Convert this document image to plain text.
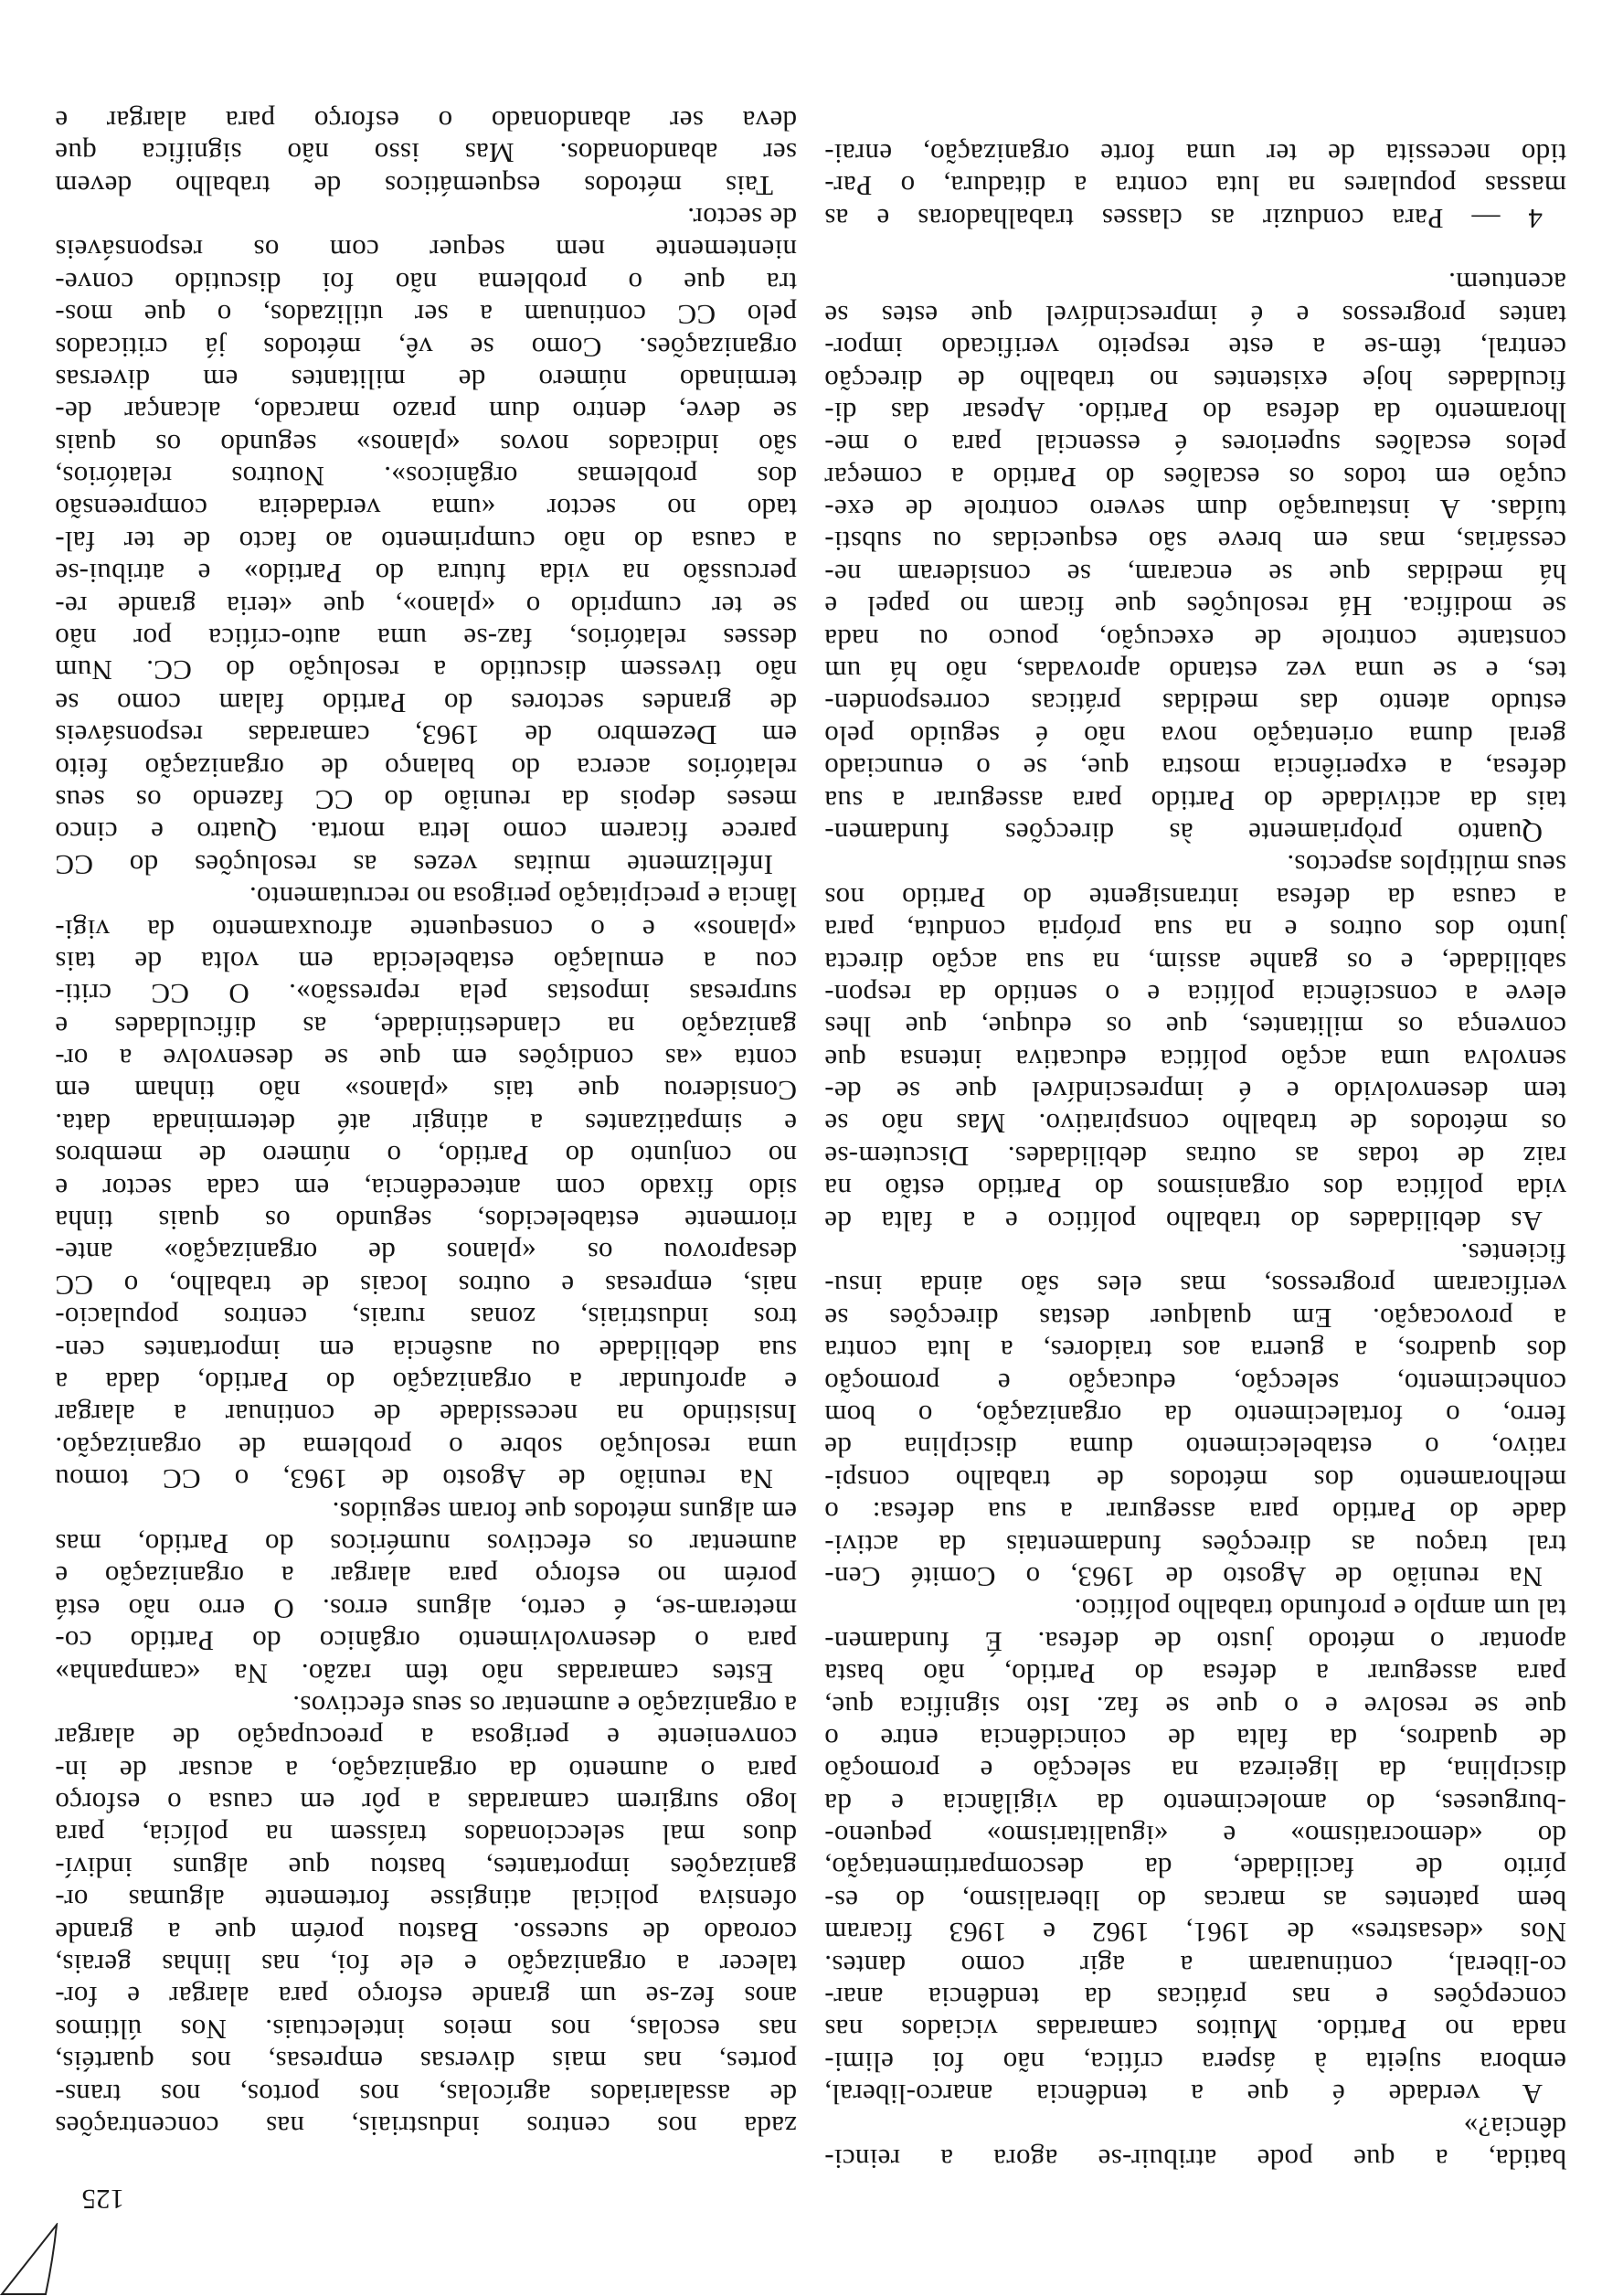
125
batida, a que pode atribuir-se agora a reinci-
dência?»
A verdade é que a tendência anarco-liberal,
embora sujeita à áspera crítica, não foi elimi-
nada no Partido. Muitos camaradas viciados nas
concepções e nas práticas da tendência anar-
co-liberal, continuaram a agir como dantes.
Nos «desastres» de 1961, 1962 e 1963 ficaram
bem patentes as marcas do liberalismo, do es-
pírito de facilidade, da descompartimentação,
do «democratismo» e «igualitarismo» pequeno-
-burgueses, do amolecimento da vigilância e da
disciplina, da ligeireza na selecção e promoção
de quadros, da falta de coincidência entre o
que se resolve e o que se faz. Isto significa que,
para assegurar a defesa do Partido, não basta
apontar o método justo de defesa. É fundamen-
tal um amplo e profundo trabalho político.
Na reunião de Agosto de 1963, o Comité Cen-
tral traçou as direcções fundamentais da activi-
dade do Partido para assegurar a sua defesa: o
melhoramento dos métodos de trabalho conspi-
rativo, o estabelecimento duma disciplina de
ferro, o fortalecimento da organização, o bom
conhecimento, selecção, educação e promoção
dos quadros, a guerra aos traidores, a luta contra
a provocação. Em qualquer destas direcções se
verificaram progressos, mas eles são ainda insu-
ficientes.
As debilidades do trabalho político e a falta de
vida política dos organismos do Partido estão na
raiz de todas as outras debilidades. Discutem-se
os métodos de trabalho conspirativo. Mas não se
tem desenvolvido e é imprescindível que se de-
senvolva uma acção política educativa intensa que
convença os militantes, que os eduque, que lhes
eleve a consciência política e o sentido da respon-
sabilidade, e os ganhe assim, na sua acção directa
junto dos outros e na sua própria conduta, para
a causa da defesa intransigente do Partido nos
seus múltiplos aspectos.
Quanto pròpriamente às direcções fundamen-
tais da actividade do Partido para assegurar a sua
defesa, a experiência mostra que, se o enunciado
geral duma orientação nova não é seguido pelo
estudo atento das medidas práticas corresponden-
tes, e se uma vez estando aprovadas, não há um
constante controle de execução, pouco ou nada
se modifica. Há resoluções que ficam no papel e
há medidas que se encaram, se consideram ne-
cessárias, mas em breve são esquecidas ou substi-
tuídas. A instauração dum severo controle de exe-
cução em todos os escalões do Partido a começar
pelos escalões superiores é essencial para o me-
lhoramento da defesa do Partido. Apesar das di-
ficuldades hoje existentes no trabalho de direcção
central, têm-se a este respeito verificado impor-
tantes progressos e é imprescindível que estes se
acentuem.
4 — Para conduzir as classes trabalhadoras e as
massas populares na luta contra a ditadura, o Par-
tido necessita de ter uma forte organização, enrai-
zada nos centros industriais, nas concentrações
de assalariados agrícolas, nos portos, nos trans-
portes, nas mais diversas empresas, nos quartéis,
nas escolas, nos meios intelectuais. Nos últimos
anos fez-se um grande esforço para alargar e for-
talecer a organização e ele foi, nas linhas gerais,
coroado de sucesso. Bastou porém que a grande
ofensiva policial atingisse fortemente algumas or-
ganizações importantes, bastou que alguns indiví-
duos mal seleccionados traíssem na polícia, para
logo surgirem camaradas a pôr em causa o esforço
para o aumento da organização, a acusar de in-
conveniente e perigosa a preocupação de alargar
a organização e aumentar os seus efectivos.
Estes camaradas não têm razão. Na «campanha»
para o desenvolvimento orgânico do Partido co-
meteram-se, é certo, alguns erros. O erro não está
porém no esforço para alargar a organização e
aumentar os efectivos numéricos do Partido, mas
em alguns métodos que foram seguidos.
Na reunião de Agosto de 1963, o CC tomou
uma resolução sobre o problema de organização.
Insistindo na necessidade de continuar a alargar
e aprofundar a organização do Partido, dada a
sua debilidade ou ausência em importantes cen-
tros industriais, zonas rurais, centros populacio-
nais, empresas e outros locais de trabalho, o CC
desaprovou os «planos de organização» ante-
riormente estabelecidos, segundo os quais tinha
sido fixado com antecedência, em cada sector e
no conjunto do Partido, o número de membros
e simpatizantes a atingir até determinada data.
Considerou que tais «planos» não tinham em
conta «as condições em que se desenvolve a or-
ganização na clandestinidade, as dificuldades e
surpresas impostas pela repressão». O CC criti-
cou a emulação estabelecida em volta de tais
«planos» e o consequente afrouxamento da vigi-
lância e precipitação perigosa no recrutamento.
Infelizmente muitas vezes as resoluções do CC
parece ficarem como letra morta. Quatro e cinco
meses depois da reunião do CC fazendo os seus
relatórios acerca do balanço de organização feito
em Dezembro de 1963, camaradas responsáveis
de grandes sectores do Partido falam como se
não tivessem discutido a resolução do CC. Num
desses relatórios, faz-se uma auto-crítica por não
se ter cumprido o «plano», que «teria grande re-
percussão na vida futura do Partido» e atribui-se
a causa do não cumprimento ao facto de ter fal-
tado no sector «uma verdadeira compreensão
dos problemas orgânicos». Noutros relatórios,
são indicados novos «planos» segundo os quais
se deve, dentro dum prazo marcado, alcançar de-
terminado número de militantes em diversas
organizações. Como se vê, métodos já criticados
pelo CC continuam a ser utilizados, o que mos-
tra que o problema não foi discutido conve-
nientemente nem sequer com os responsáveis
de sector.
Tais métodos esquemáticos de trabalho devem
ser abandonados. Mas isso não significa que
deva ser abandonado o esforço para alargar e
